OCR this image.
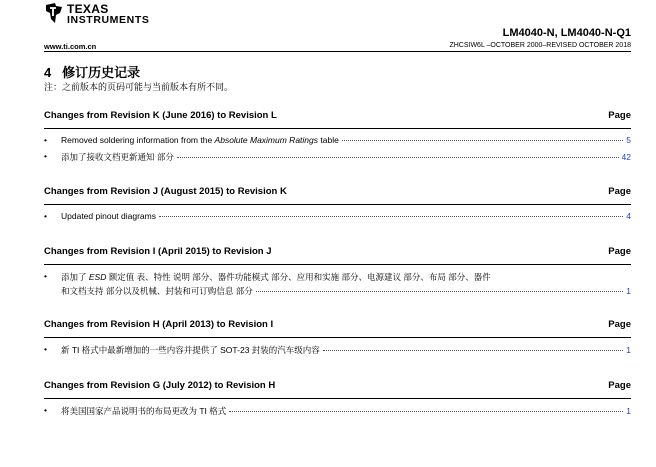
TEXAS
INSTRUMENTS
LM4040-N, LM4040-N-Q1
www.ti.com.cn	ZHCSIW6L –OCTOBER 2000–REVISED OCTOBER 2018
4 修订历史记录
注：之前版本的页码可能与当前版本有所不同。
Changes from Revision K (June 2016) to Revision L	Page
• Removed soldering information from the Absolute Maximum Ratings table	5
• 添加了接收文档更新通知 部分	42
Changes from Revision J (August 2015) to Revision K	Page
• Updated pinout diagrams	4
Changes from Revision I (April 2015) to Revision J	Page
• 添加了 ESD 额定值 表、特性 说明 部分、器件功能模式 部分、应用和实施 部分、电源建议 部分、布局 部分、器件
和文档支持 部分以及机械、封装和可订购信息 部分	1
Changes from Revision H (April 2013) to Revision I	Page
• 新 TI 格式中最新增加的一些内容并提供了 SOT-23 封装的汽车级内容	1
Changes from Revision G (July 2012) to Revision H	Page
• 将美国国家产品说明书的布局更改为 TI 格式	1
